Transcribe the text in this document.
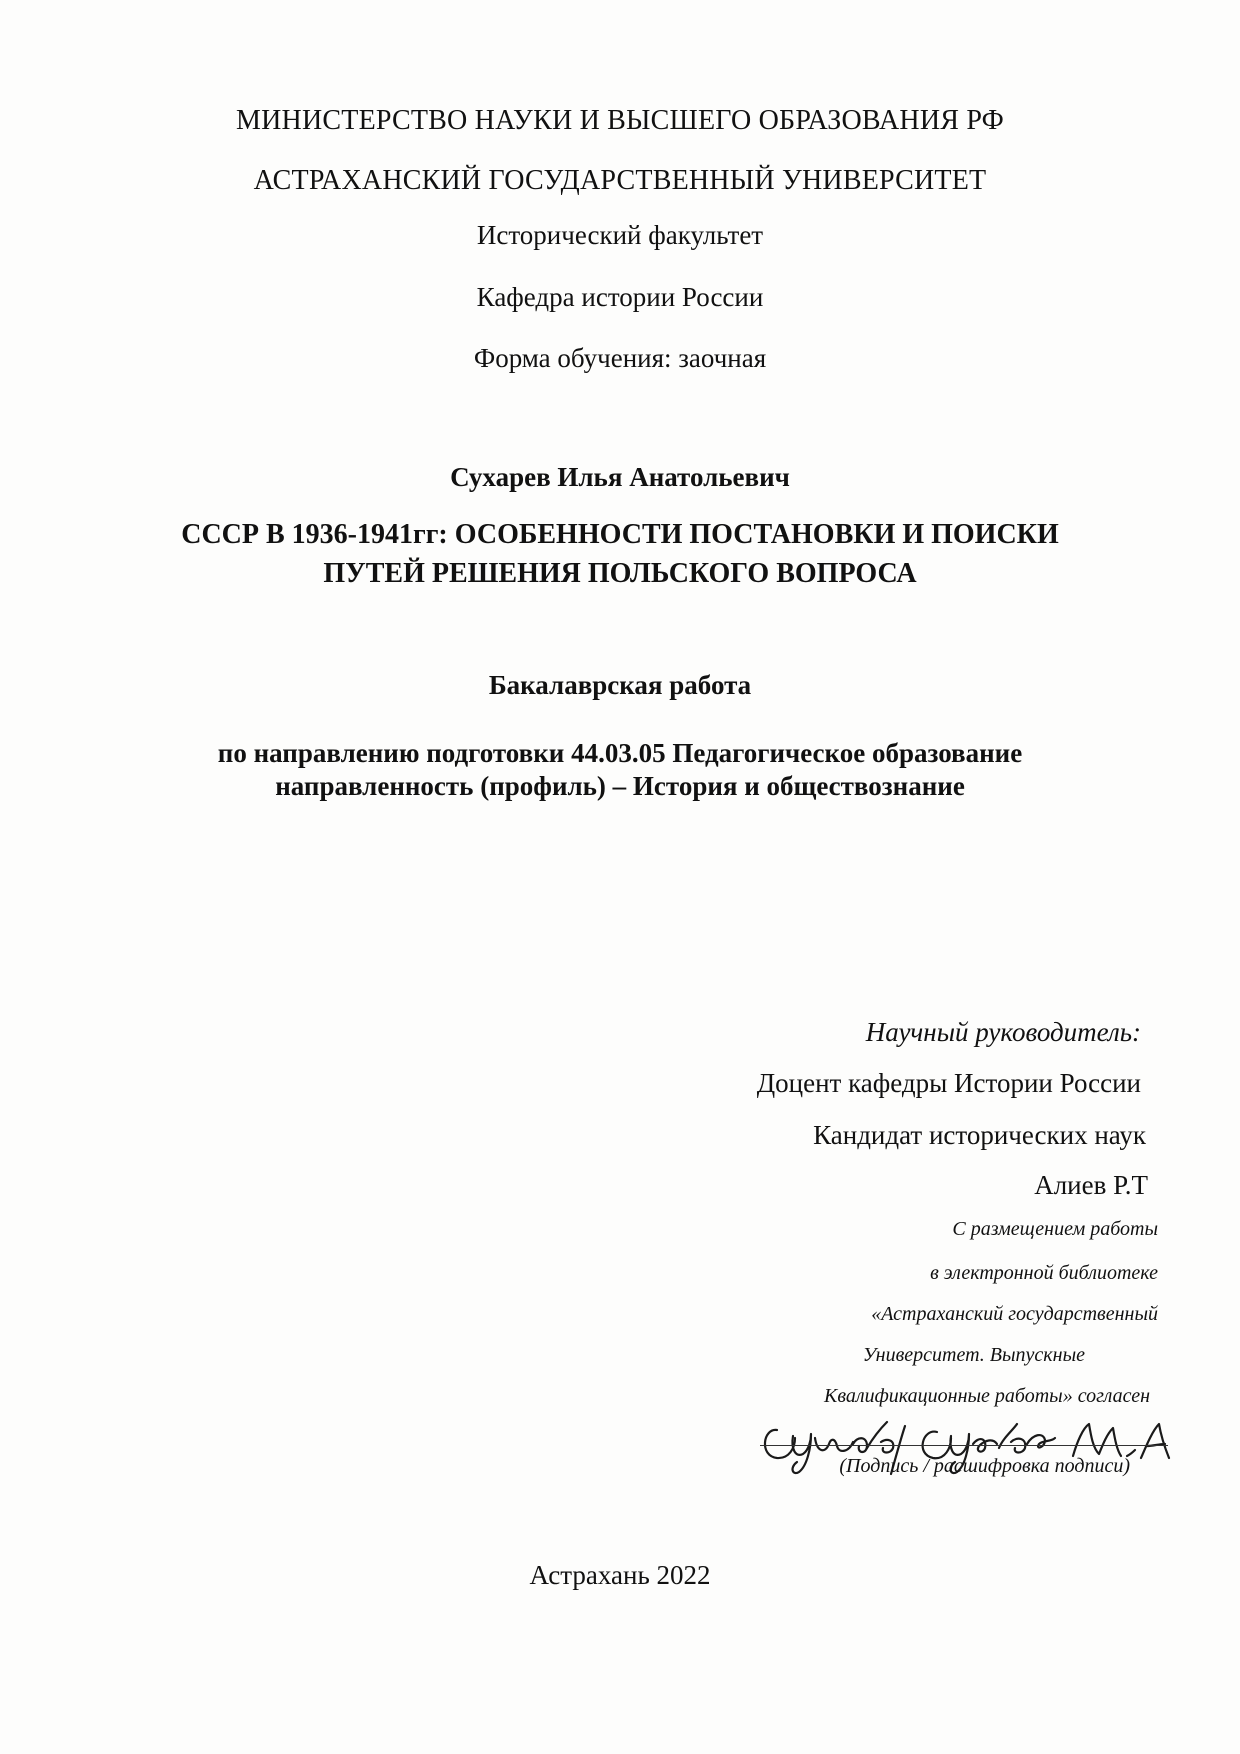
МИНИСТЕРСТВО НАУКИ И ВЫСШЕГО ОБРАЗОВАНИЯ РФ
АСТРАХАНСКИЙ ГОСУДАРСТВЕННЫЙ УНИВЕРСИТЕТ
Исторический факультет
Кафедра истории России
Форма обучения: заочная
Сухарев Илья Анатольевич
СССР В 1936-1941гг: ОСОБЕННОСТИ ПОСТАНОВКИ И ПОИСКИ
ПУТЕЙ РЕШЕНИЯ ПОЛЬСКОГО ВОПРОСА
Бакалаврская работа
по направлению подготовки 44.03.05 Педагогическое образование
направленность (профиль) – История и обществознание
Научный руководитель:
Доцент кафедры Истории России
Кандидат исторических наук
Алиев Р.Т
С размещением работы
в электронной библиотеке
«Астраханский государственный
Университет. Выпускные
Квалификационные работы» согласен
(Подпись / расшифровка подписи)
Астрахань 2022
